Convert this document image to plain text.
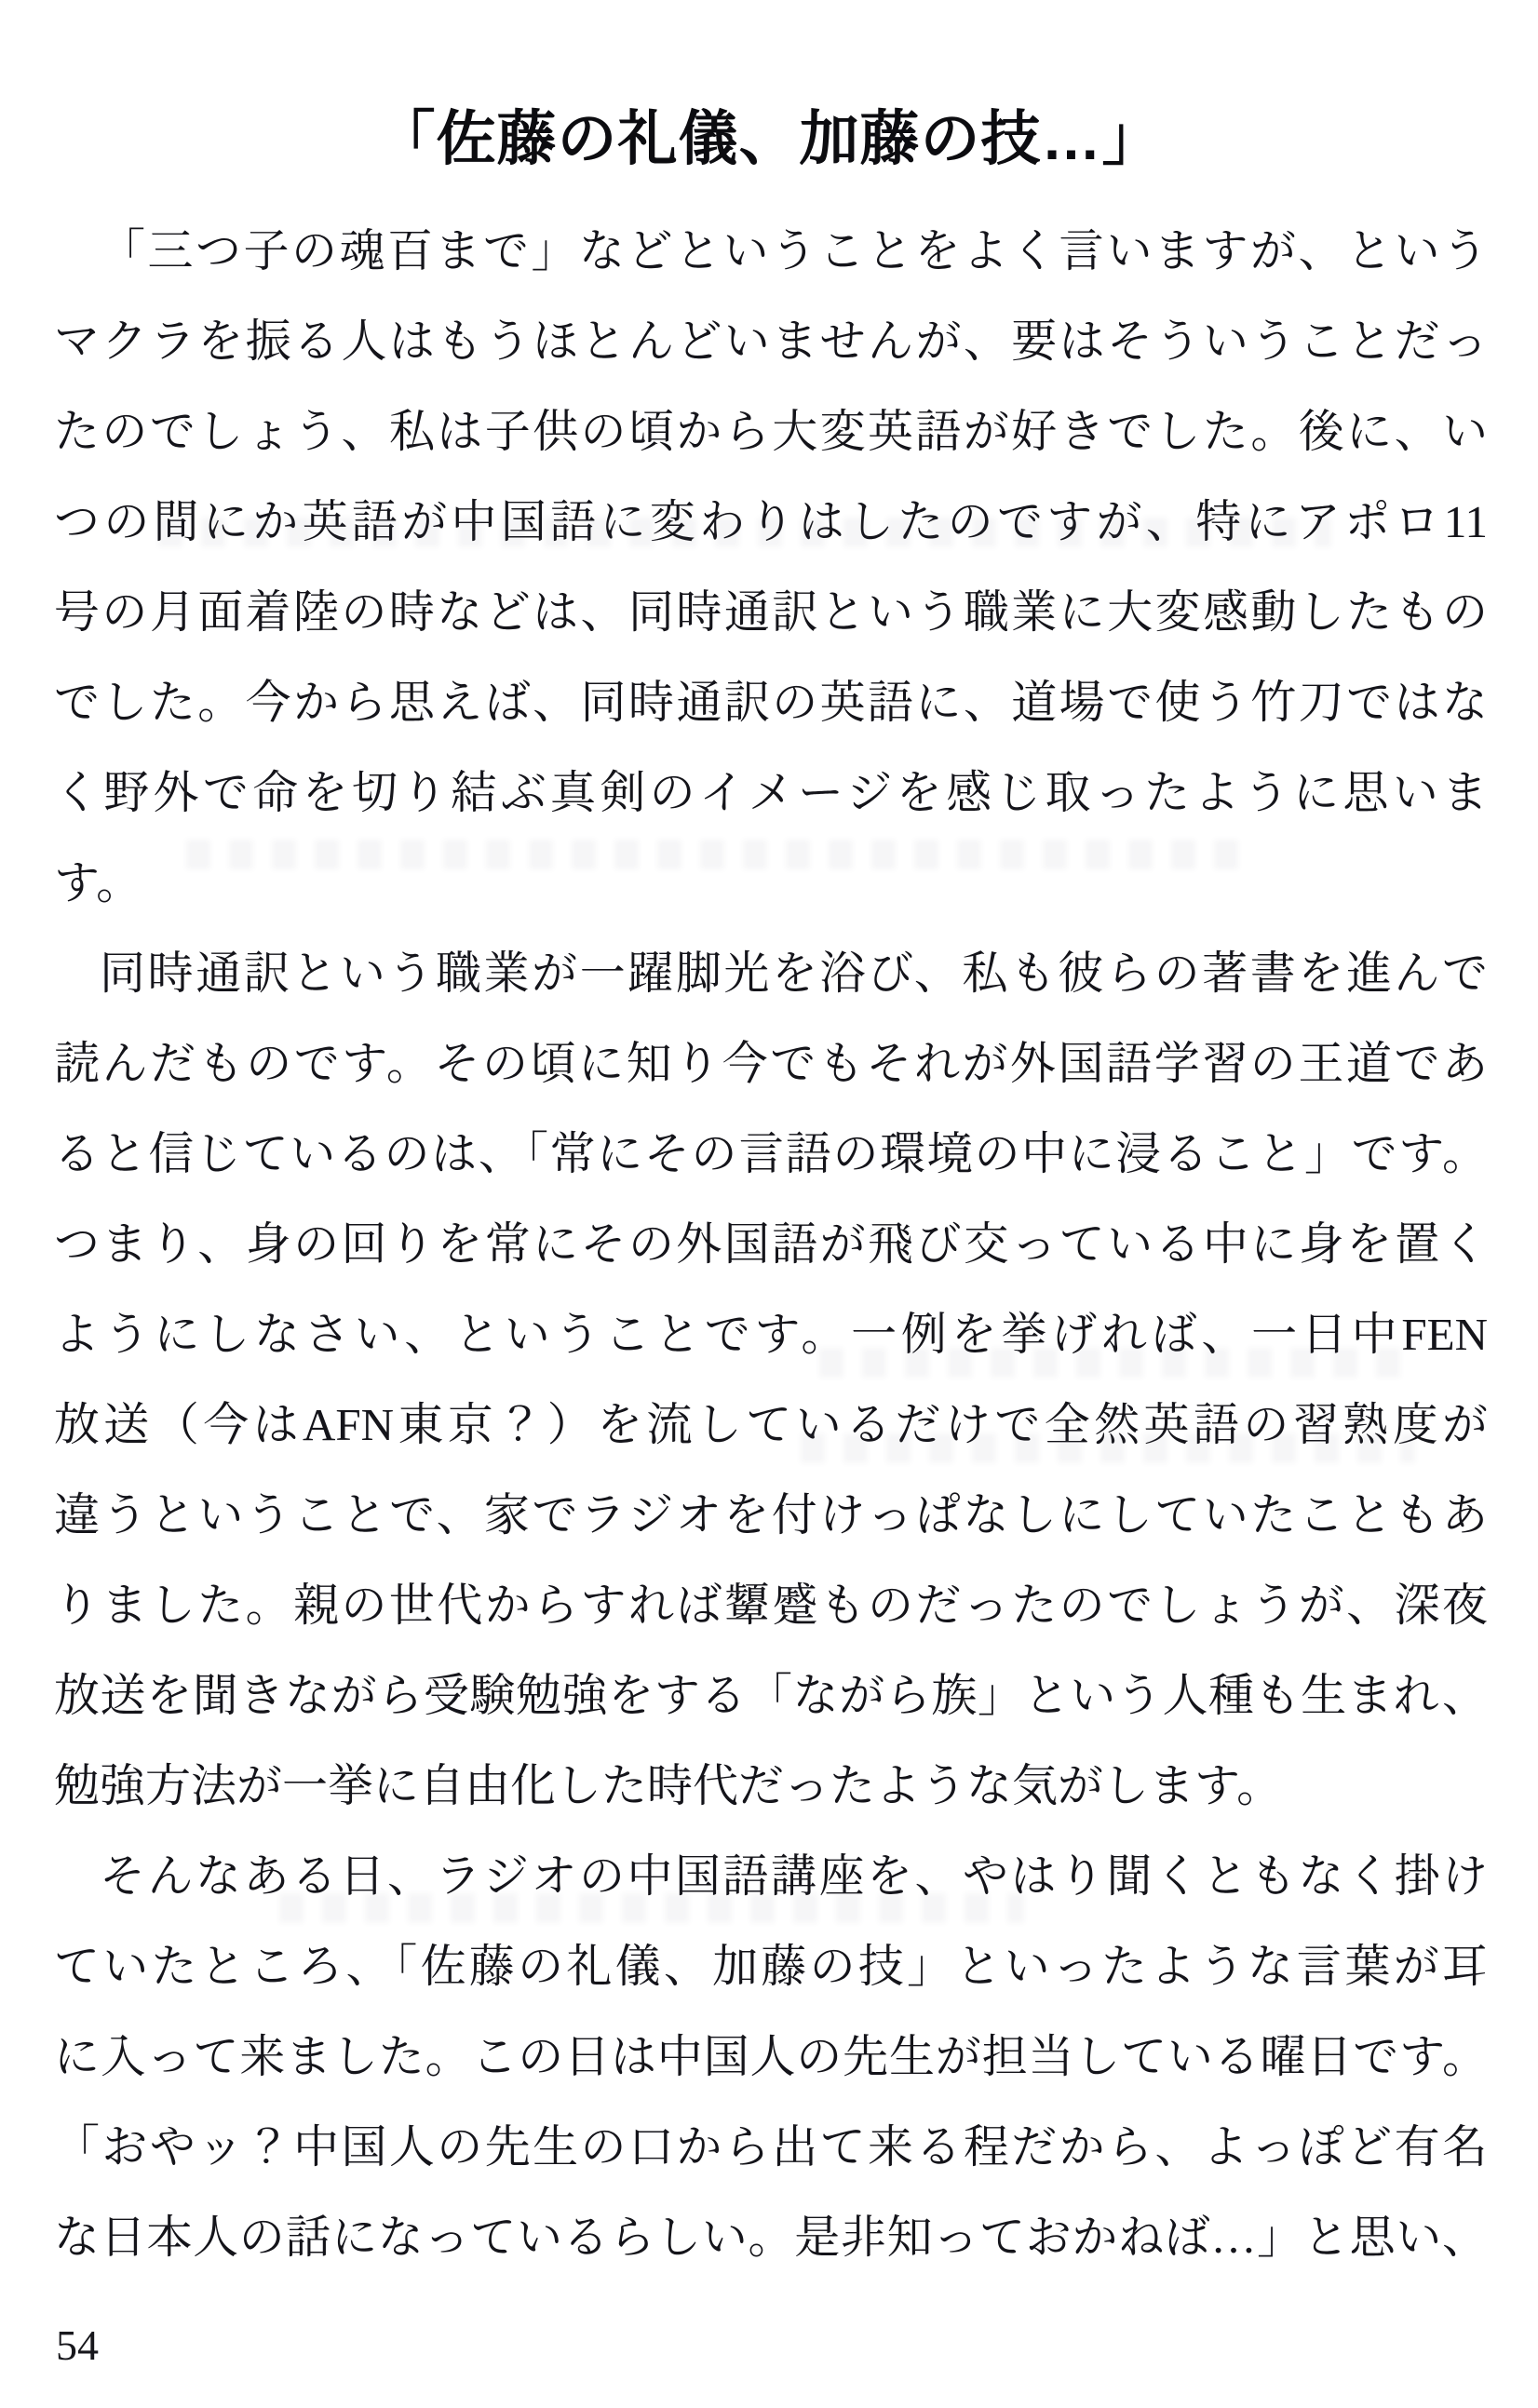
「佐藤の礼儀、加藤の技…」
「三つ子の魂百まで」などということをよく言いますが、という
マクラを振る人はもうほとんどいませんが、要はそういうことだっ
たのでしょう、私は子供の頃から大変英語が好きでした。後に、い
つの間にか英語が中国語に変わりはしたのですが、特にアポロ11
号の月面着陸の時などは、同時通訳という職業に大変感動したもの
でした。今から思えば、同時通訳の英語に、道場で使う竹刀ではな
く野外で命を切り結ぶ真剣のイメージを感じ取ったように思いま
す。
同時通訳という職業が一躍脚光を浴び、私も彼らの著書を進んで
読んだものです。その頃に知り今でもそれが外国語学習の王道であ
ると信じているのは、「常にその言語の環境の中に浸ること」です。
つまり、身の回りを常にその外国語が飛び交っている中に身を置く
ようにしなさい、ということです。一例を挙げれば、一日中FEN
放送（今はAFN東京？）を流しているだけで全然英語の習熟度が
違うということで、家でラジオを付けっぱなしにしていたこともあ
りました。親の世代からすれば顰蹙ものだったのでしょうが、深夜
放送を聞きながら受験勉強をする「ながら族」という人種も生まれ、
勉強方法が一挙に自由化した時代だったような気がします。
そんなある日、ラジオの中国語講座を、やはり聞くともなく掛け
ていたところ、「佐藤の礼儀、加藤の技」といったような言葉が耳
に入って来ました。この日は中国人の先生が担当している曜日です。
「おやッ？中国人の先生の口から出て来る程だから、よっぽど有名
な日本人の話になっているらしい。是非知っておかねば…」と思い、
54
